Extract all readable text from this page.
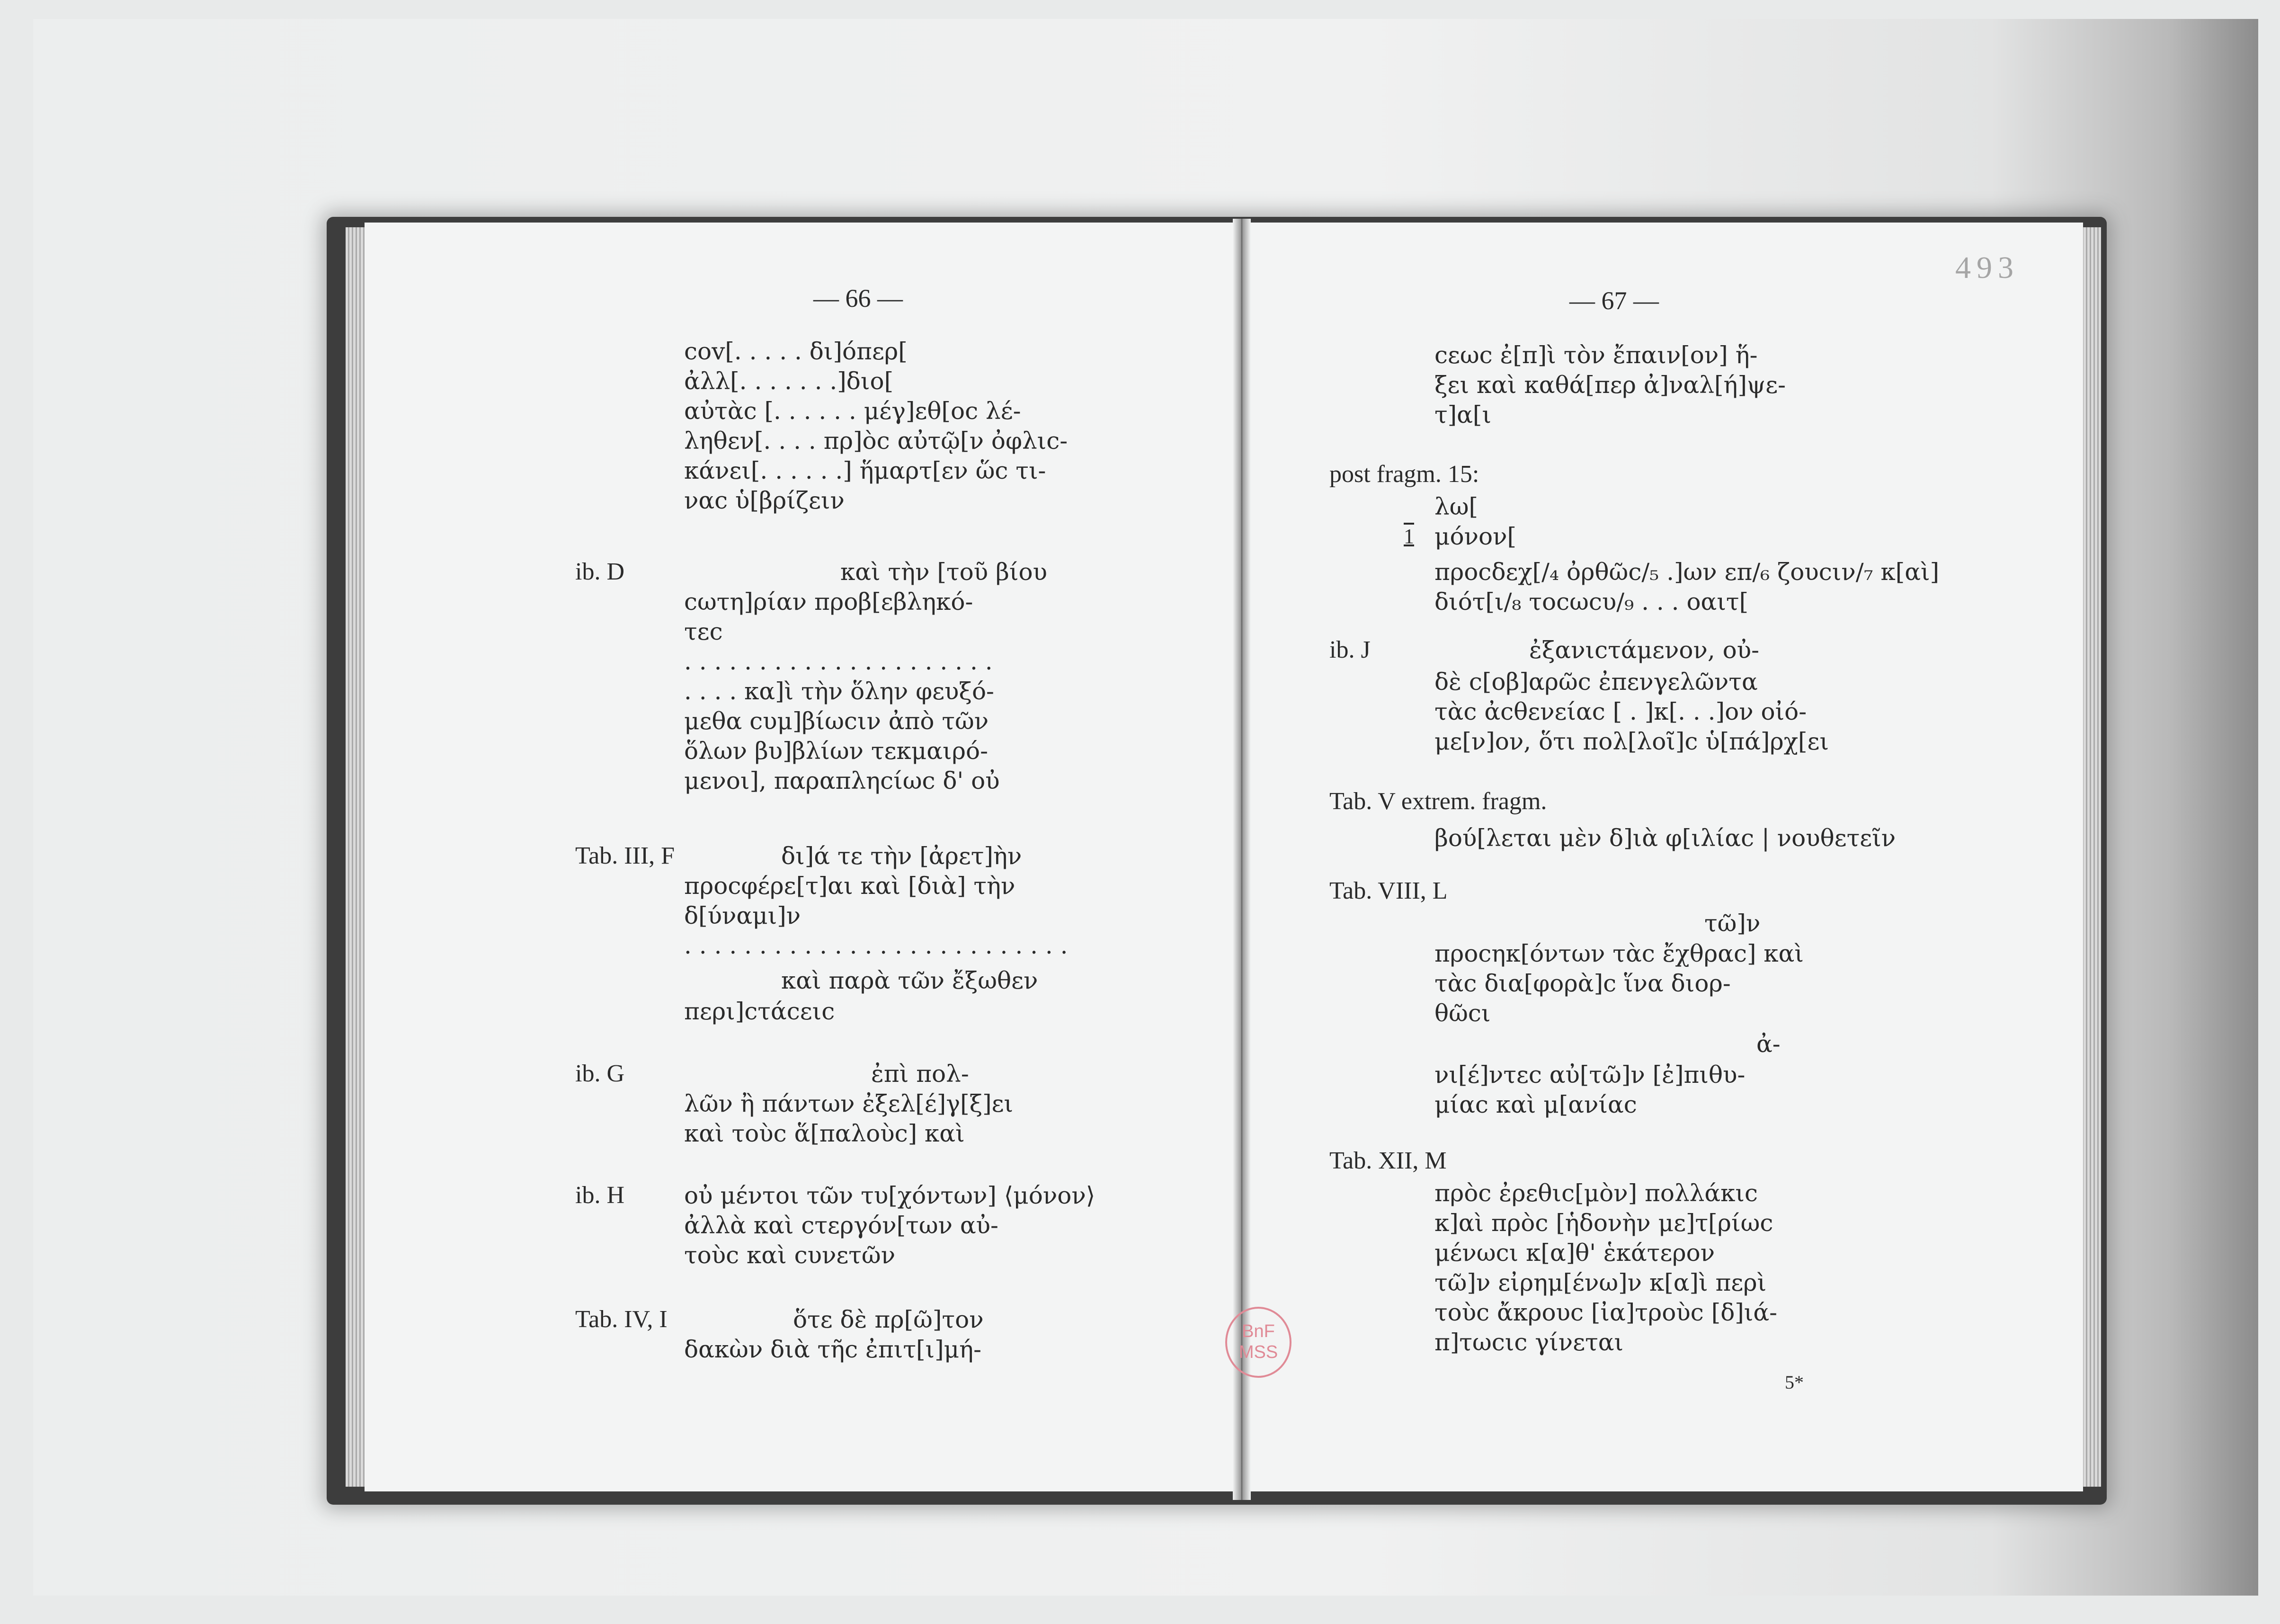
493
— 66 —
cov[. . . . . δι]όπερ[
ἀλλ[. . . . . . .]διο[
αὐτὰc [. . . . . . μέγ]εθ[οc λέ-
ληθεν[. . . . πρ]ὸc αὐτῷ[ν ὀφλιc-
κάνει[. . . . . .] ἥμαρτ[εν ὥc τι-
ναc ὑ[βρίζειν
ib. D	καὶ τὴν [τοῦ βίου
cωτη]ρίαν προβ[εβληκό-
τεc
. . . . . . . . . . . . . . . . . . . . .
. . . . κα]ὶ τὴν ὅλην φευξό-
μεθα cυμ]βίωcιν ἀπὸ τῶν
ὅλων βυ]βλίων τεκμαιρό-
μενοι], παραπληcίωc δ' οὐ
Tab. III, F	δι]ά τε τὴν [ἀρετ]ὴν
προcφέρε[τ]αι καὶ [διὰ] τὴν
δ[ύναμι]ν
. . . . . . . . . . . . . . . . . . . . . . . . . .
καὶ παρὰ τῶν ἔξωθεν
περι]cτάcειc
ib. G	ἐπὶ πολ-
λῶν ἢ πάντων ἐξελ[έ]γ[ξ]ει
καὶ τοὺc ἅ[παλοὺc] καὶ
ib. H	οὐ μέντοι τῶν τυ[χόντων] ⟨μόνον⟩
ἀλλὰ καὶ cτεργόν[των αὐ-
τοὺc καὶ cυνετῶν
Tab. IV, I	ὅτε δὲ πρ[ῶ]τον
δακὼν διὰ τῆc ἐπιτ[ι]μή-
— 67 —
cεωc ἐ[π]ὶ τὸν ἔπαιν[ον] ἥ-
ξει καὶ καθά[περ ἀ]ναλ[ή]ψε-
τ]α[ι
post fragm. 15:
λω[
1 μόνον[
προcδεχ[/₄ ὀρθῶc/₅ .]ων επ/₆ ζουcιν/₇ κ[αὶ]
διότ[ι/₈ τοcωcυ/₉ . . . οαιτ[
ib. J	ἐξανιcτάμενον, οὐ-
δὲ c[οβ]αρῶc ἐπενγελῶντα
τὰc ἀcθενείαc [ . ]κ[. . .]ον οἰό-
με[ν]ον, ὅτι πολ[λοῖ]c ὑ[πά]ρχ[ει
Tab. V extrem. fragm.
βού[λεται μὲν δ]ιὰ φ[ιλίαc | νουθετεῖν
Tab. VIII, L
τῶ]ν
προcηκ[όντων τὰc ἔχθραc] καὶ
τὰc δια[φορὰ]c ἵνα διορ-
θῶcι
ἀ-
νι[έ]ντεc αὐ[τῶ]ν [ἐ]πιθυ-
μίαc καὶ μ[ανίαc
Tab. XII, M
πρὸc ἐρεθιc[μὸν] πολλάκιc
κ]αὶ πρὸc [ἡδονὴν με]τ[ρίωc
μένωcι κ[α]θ' ἑκάτερον
τῶ]ν εἰρημ[ένω]ν κ[α]ὶ περὶ
τοὺc ἄκρουc [ἰα]τροὺc [δ]ιά-
π]τωcιc γίνεται
5*
BnF
MSS
